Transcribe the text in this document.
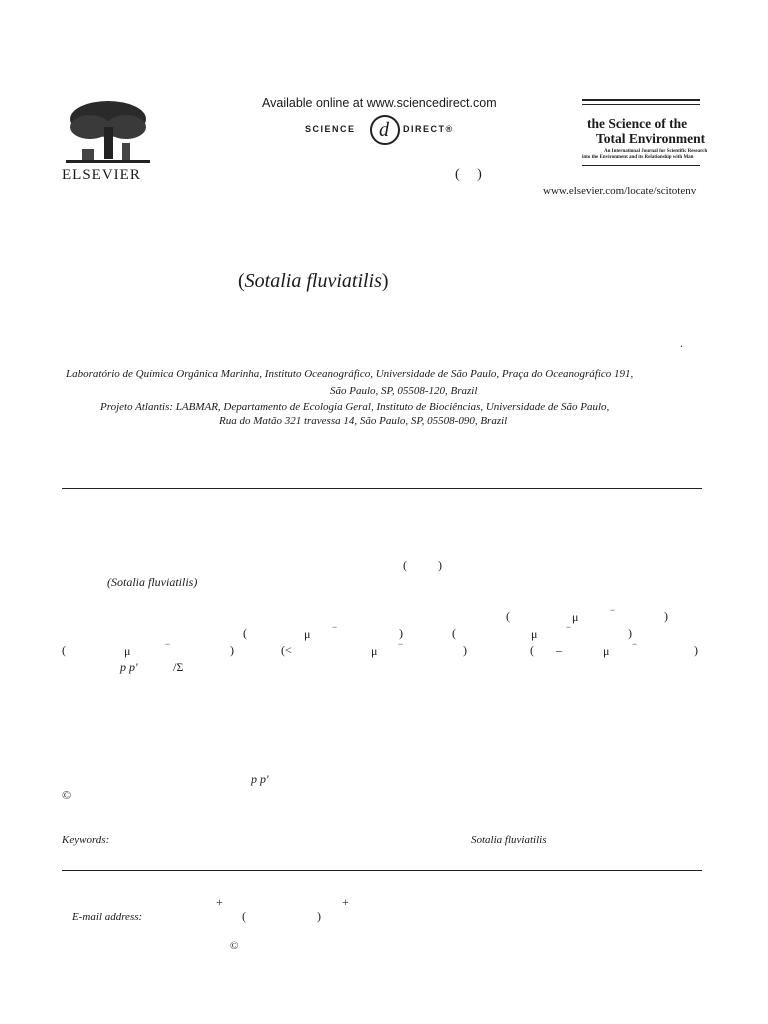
ELSEVIER
Available online at www.sciencedirect.com
SCIENCE d DIRECT®
(     )
the Science of the
Total Environment
An International Journal for Scientific Research
into the Environment and its Relationship with Man
www.elsevier.com/locate/scitotenv
(Sotalia fluviatilis)
.
Laboratório de Química Orgânica Marinha, Instituto Oceanográfico, Universidade de São Paulo, Praça do Oceanográfico 191,
São Paulo, SP, 05508-120, Brazil
Projeto Atlantis: LABMAR, Departamento de Ecologia Geral, Instituto de Biociências, Universidade de São Paulo,
Rua do Matão 321 travessa 14, São Paulo, SP, 05508-090, Brazil
(	)
(Sotalia fluviatilis)
(	μ	−	)
(	μ −	)	(	μ	−	)
(	μ	−	)	(<	μ −	)	( –	μ	−	)
p p′	/Σ
p p′
©
Keywords:	Sotalia fluviatilis
+	+
E-mail address:	(	)
©
